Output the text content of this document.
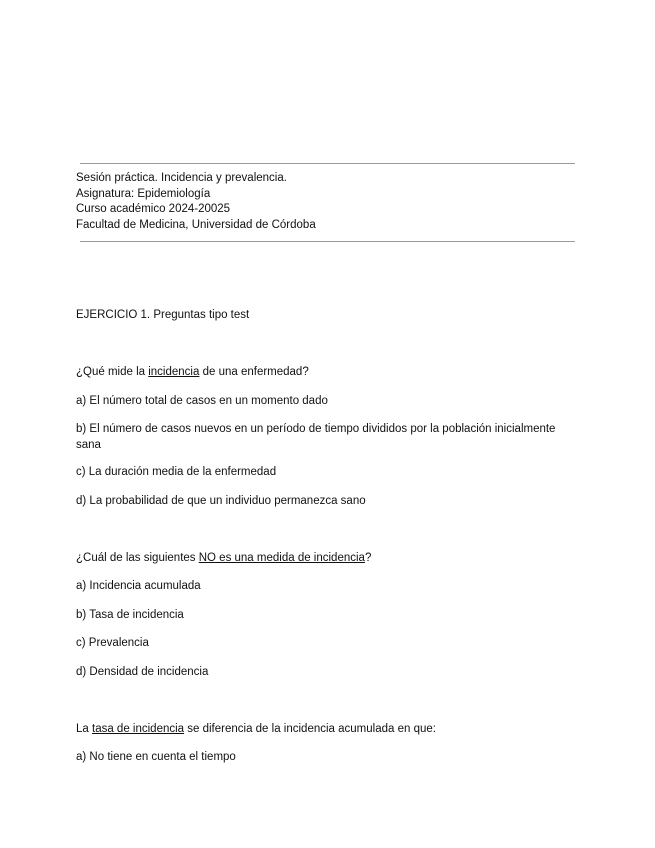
Sesión práctica. Incidencia y prevalencia.
Asignatura: Epidemiología
Curso académico 2024-20025
Facultad de Medicina, Universidad de Córdoba
EJERCICIO 1. Preguntas tipo test
¿Qué mide la incidencia de una enfermedad?
a) El número total de casos en un momento dado
b) El número de casos nuevos en un período de tiempo divididos por la población inicialmente sana
c) La duración media de la enfermedad
d) La probabilidad de que un individuo permanezca sano
¿Cuál de las siguientes NO es una medida de incidencia?
a) Incidencia acumulada
b) Tasa de incidencia
c) Prevalencia
d) Densidad de incidencia
La tasa de incidencia se diferencia de la incidencia acumulada en que:
a) No tiene en cuenta el tiempo
